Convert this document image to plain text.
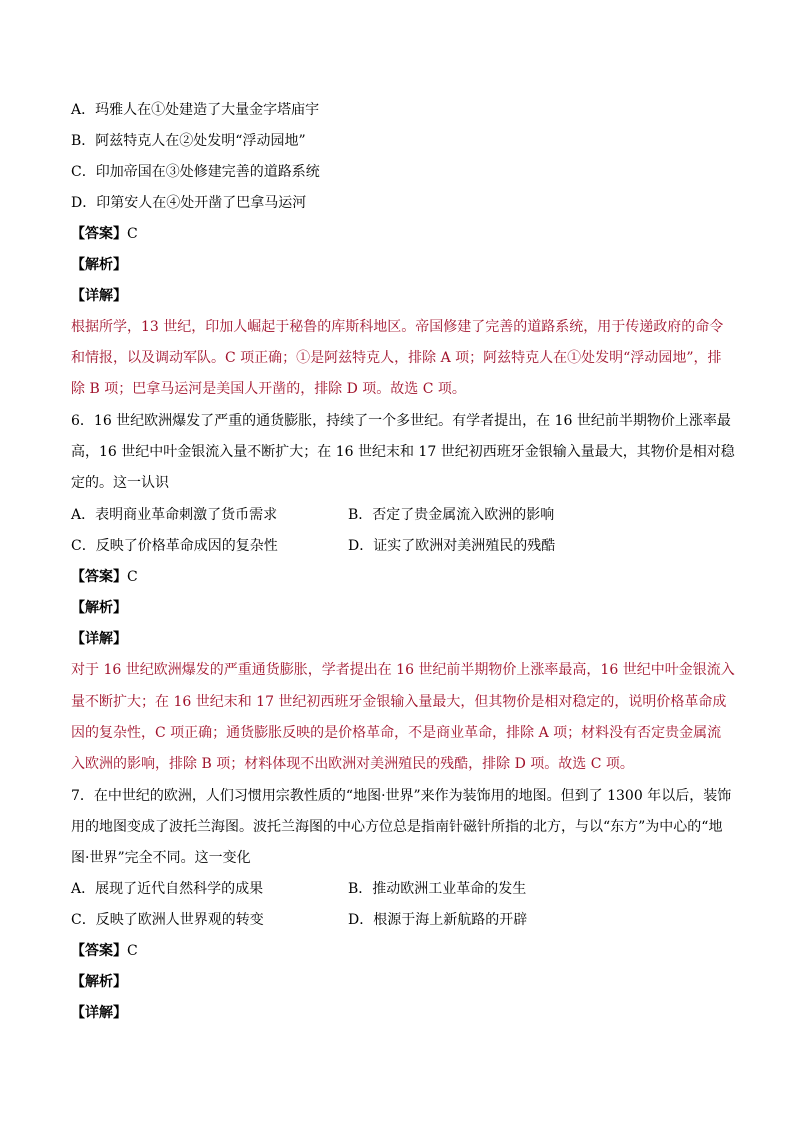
A．玛雅人在①处建造了大量金字塔庙宇
B．阿兹特克人在②处发明“浮动园地”
C．印加帝国在③处修建完善的道路系统
D．印第安人在④处开凿了巴拿马运河
【答案】C
【解析】
【详解】
根据所学，13 世纪，印加人崛起于秘鲁的库斯科地区。帝国修建了完善的道路系统，用于传递政府的命令
和情报，以及调动军队。C 项正确；①是阿兹特克人，排除 A 项；阿兹特克人在①处发明“浮动园地”，排
除 B 项；巴拿马运河是美国人开凿的，排除 D 项。故选 C 项。
6．16 世纪欧洲爆发了严重的通货膨胀，持续了一个多世纪。有学者提出，在 16 世纪前半期物价上涨率最
高，16 世纪中叶金银流入量不断扩大；在 16 世纪末和 17 世纪初西班牙金银输入量最大，其物价是相对稳
定的。这一认识
A．表明商业革命刺激了货币需求	B．否定了贵金属流入欧洲的影响
C．反映了价格革命成因的复杂性	D．证实了欧洲对美洲殖民的残酷
【答案】C
【解析】
【详解】
对于 16 世纪欧洲爆发的严重通货膨胀，学者提出在 16 世纪前半期物价上涨率最高，16 世纪中叶金银流入
量不断扩大；在 16 世纪末和 17 世纪初西班牙金银输入量最大，但其物价是相对稳定的，说明价格革命成
因的复杂性，C 项正确；通货膨胀反映的是价格革命，不是商业革命，排除 A 项；材料没有否定贵金属流
入欧洲的影响，排除 B 项；材料体现不出欧洲对美洲殖民的残酷，排除 D 项。故选 C 项。
7．在中世纪的欧洲，人们习惯用宗教性质的“地图·世界”来作为装饰用的地图。但到了 1300 年以后，装饰
用的地图变成了波托兰海图。波托兰海图的中心方位总是指南针磁针所指的北方，与以“东方”为中心的“地
图·世界”完全不同。这一变化
A．展现了近代自然科学的成果	B．推动欧洲工业革命的发生
C．反映了欧洲人世界观的转变	D．根源于海上新航路的开辟
【答案】C
【解析】
【详解】
